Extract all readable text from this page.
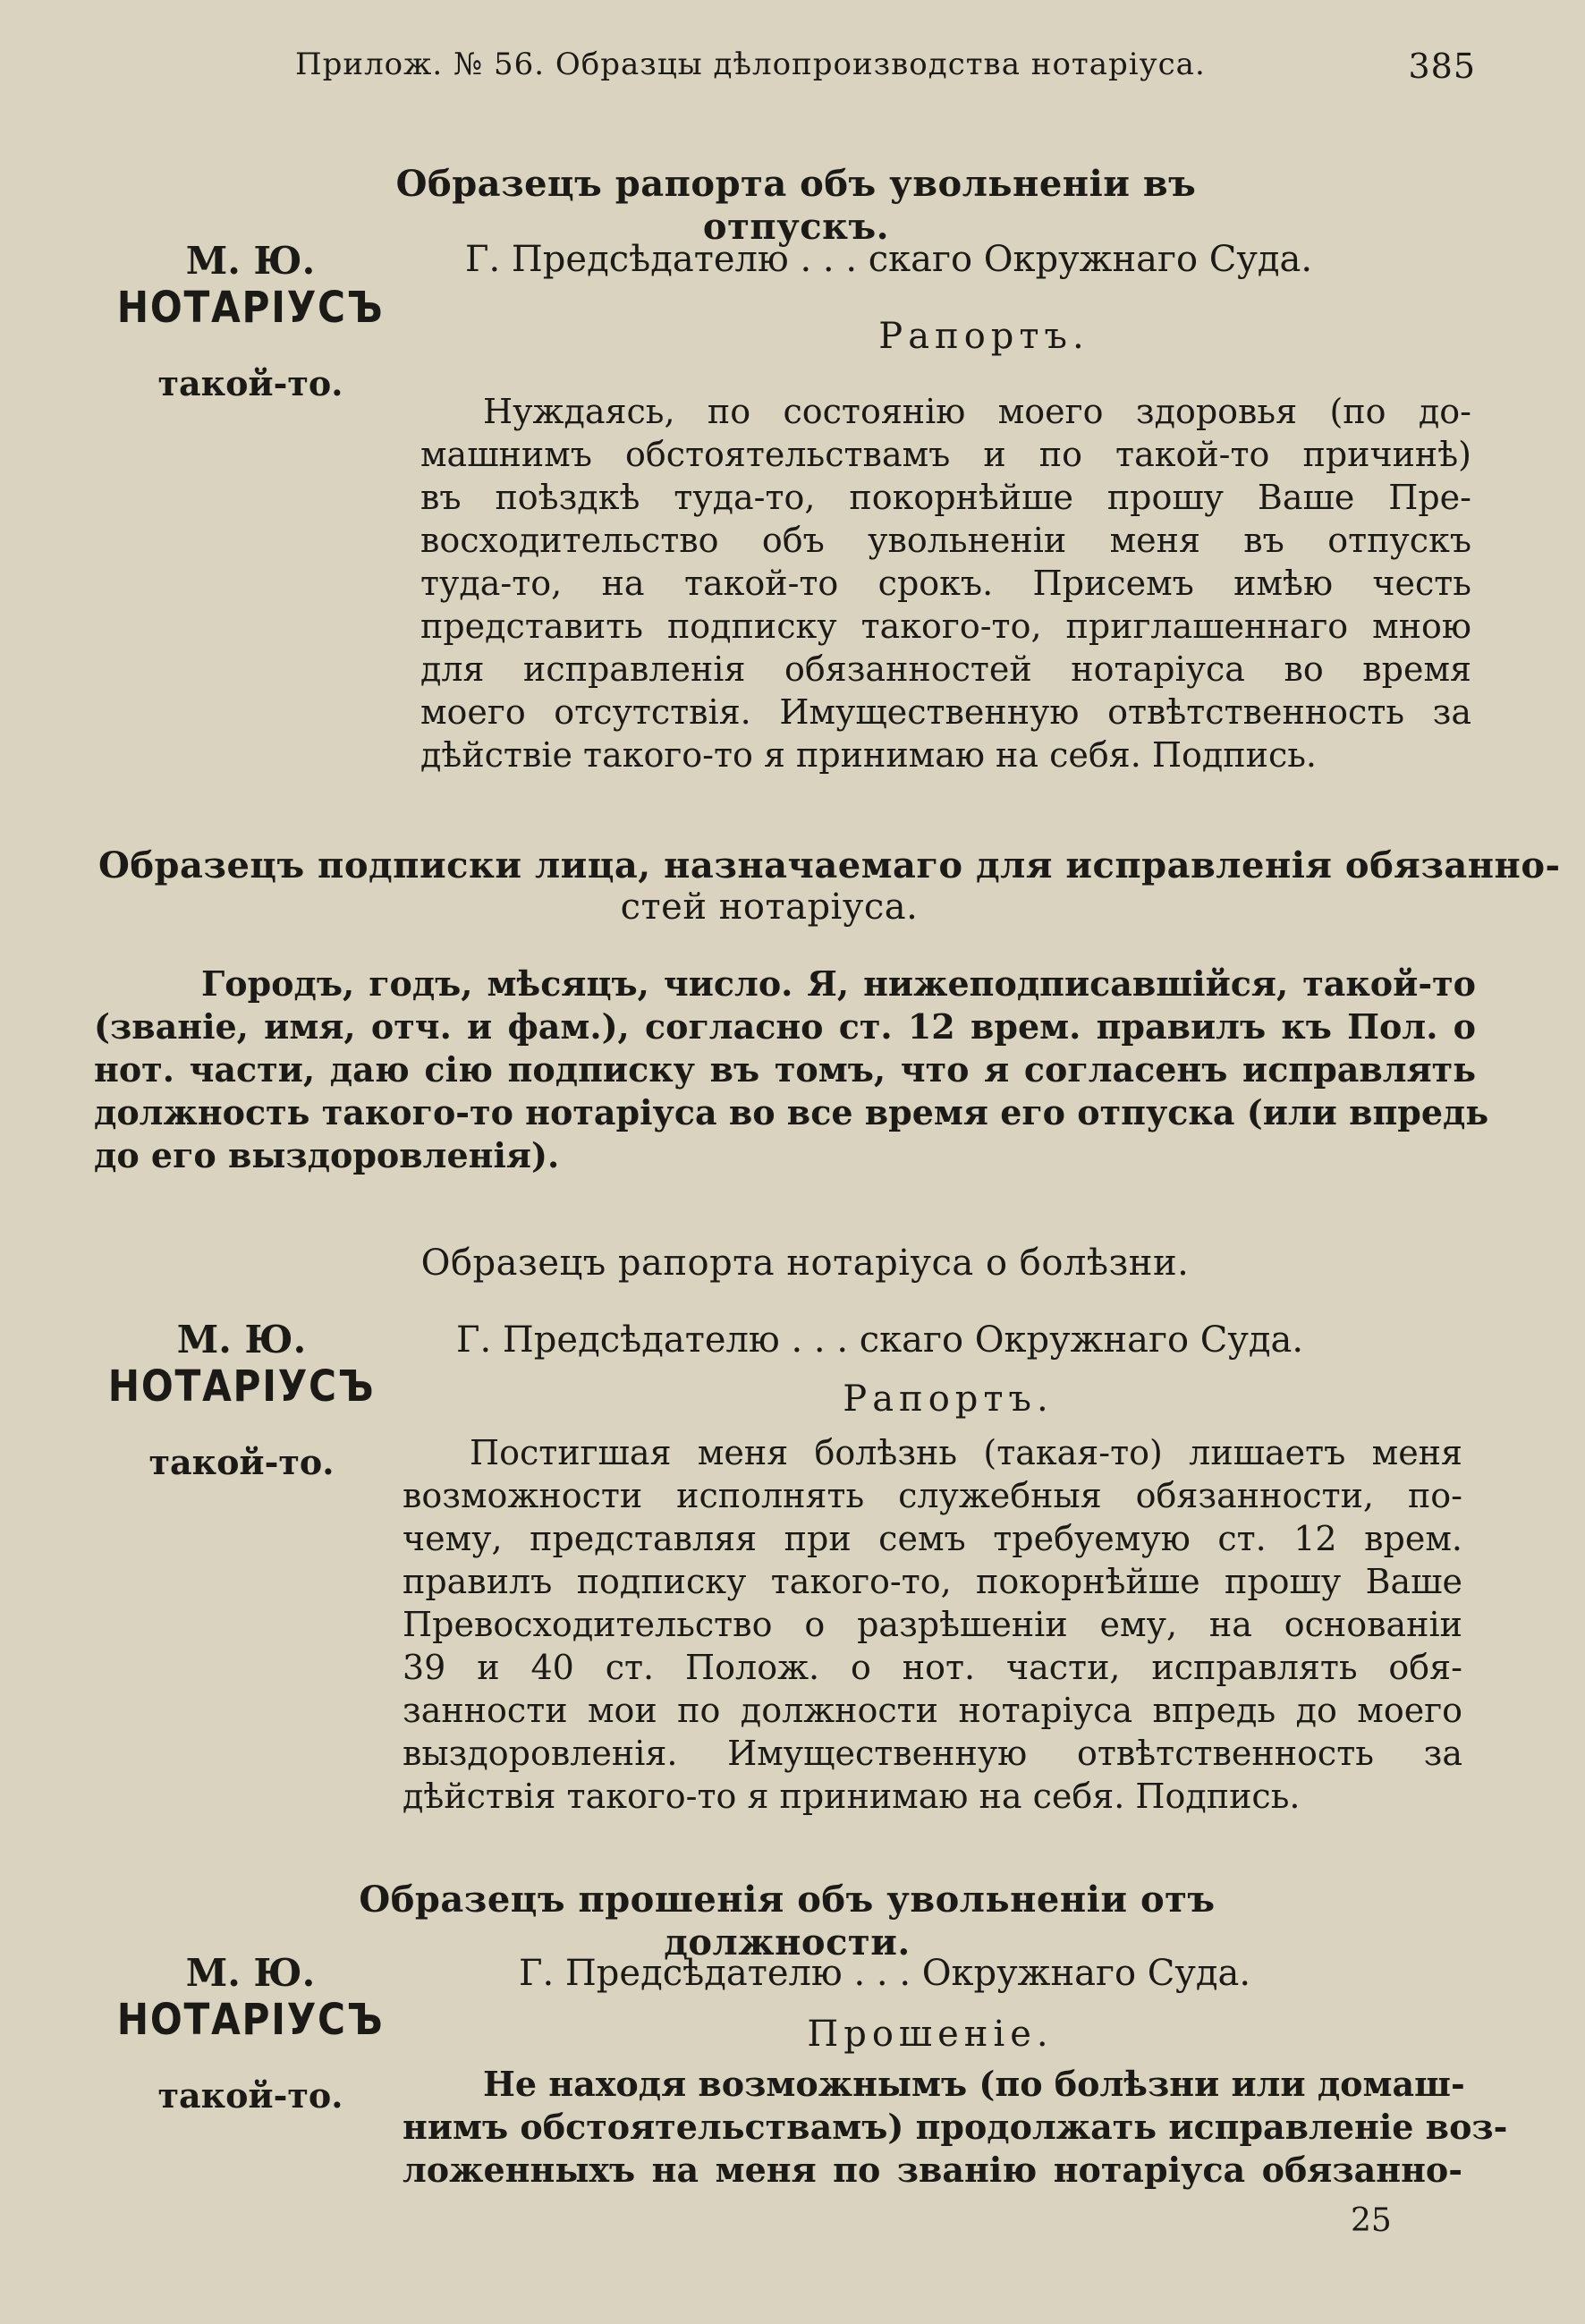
Прилож. № 56. Образцы дѣлопроизводства нотаріуса.	385
Образецъ рапорта объ увольненіи въ отпускъ.
М. Ю.
НОТАРІУСЪ
такой-то.
Г. Предсѣдателю . . . скаго Окружнаго Суда.
Рапортъ.
Нуждаясь, по состоянію моего здоровья (по до-
машнимъ обстоятельствамъ и по такой-то причинѣ)
въ поѣздкѣ туда-то, покорнѣйше прошу Ваше Пре-
восходительство объ увольненіи меня въ отпускъ
туда-то, на такой-то срокъ. Присемъ имѣю честь
представить подписку такого-то, приглашеннаго мною
для исправленія обязанностей нотаріуса во время
моего отсутствія. Имущественную отвѣтственность за
дѣйствіе такого-то я принимаю на себя. Подпись.
Образецъ подписки лица, назначаемаго для исправленія обязанно-
стей нотаріуса.
Городъ, годъ, мѣсяцъ, число. Я, нижеподписавшійся, такой-то
(званіе, имя, отч. и фам.), согласно ст. 12 врем. правилъ къ Пол. о
нот. части, даю сію подписку въ томъ, что я согласенъ исправлять
должность такого-то нотаріуса во все время его отпуска (или впредь
до его выздоровленія).
Образецъ рапорта нотаріуса о болѣзни.
М. Ю.
НОТАРІУСЪ
такой-то.
Г. Предсѣдателю . . . скаго Окружнаго Суда.
Рапортъ.
Постигшая меня болѣзнь (такая-то) лишаетъ меня
возможности исполнять служебныя обязанности, по-
чему, представляя при семъ требуемую ст. 12 врем.
правилъ подписку такого-то, покорнѣйше прошу Ваше
Превосходительство о разрѣшеніи ему, на основаніи
39 и 40 ст. Полож. о нот. части, исправлять обя-
занности мои по должности нотаріуса впредь до моего
выздоровленія. Имущественную отвѣтственность за
дѣйствія такого-то я принимаю на себя. Подпись.
Образецъ прошенія объ увольненіи отъ должности.
М. Ю.
НОТАРІУСЪ
такой-то.
Г. Предсѣдателю . . . Окружнаго Суда.
Прошеніе.
Не находя возможнымъ (по болѣзни или домаш-
нимъ обстоятельствамъ) продолжать исправленіе воз-
ложенныхъ на меня по званію нотаріуса обязанно-
25
